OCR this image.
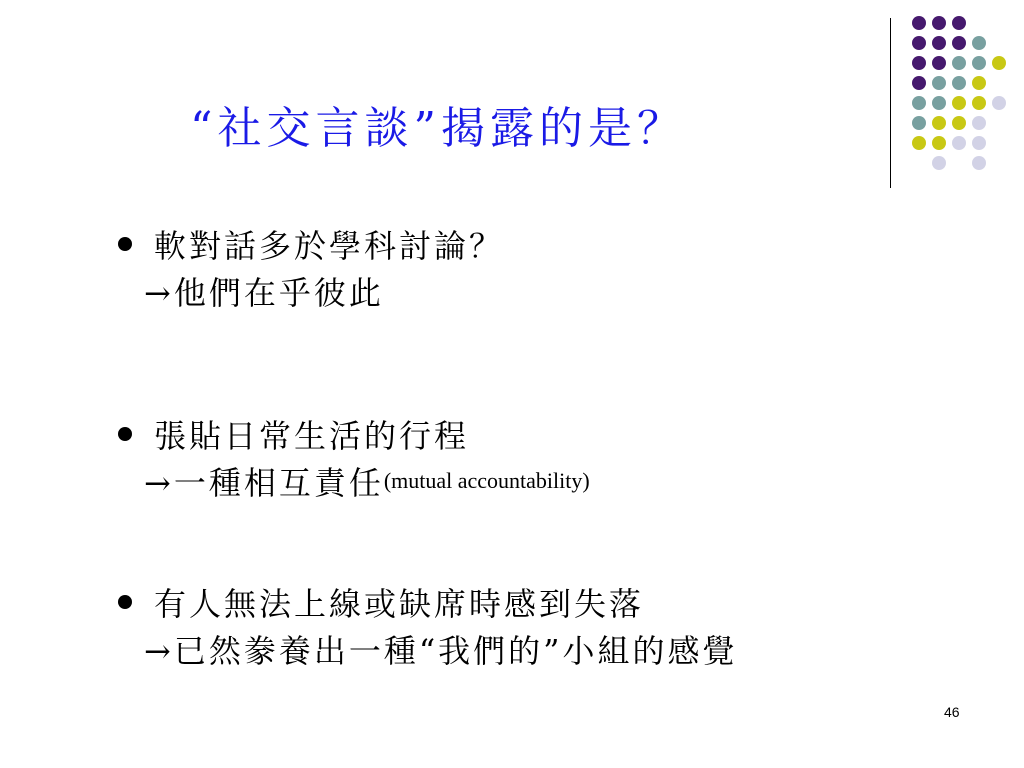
“社交言談”揭露的是？
軟對話多於學科討論？
→他們在乎彼此
張貼日常生活的行程
→一種相互責任 (mutual accountability)
有人無法上線或缺席時感到失落
→已然豢養出一種“我們的”小組的感覺
46
